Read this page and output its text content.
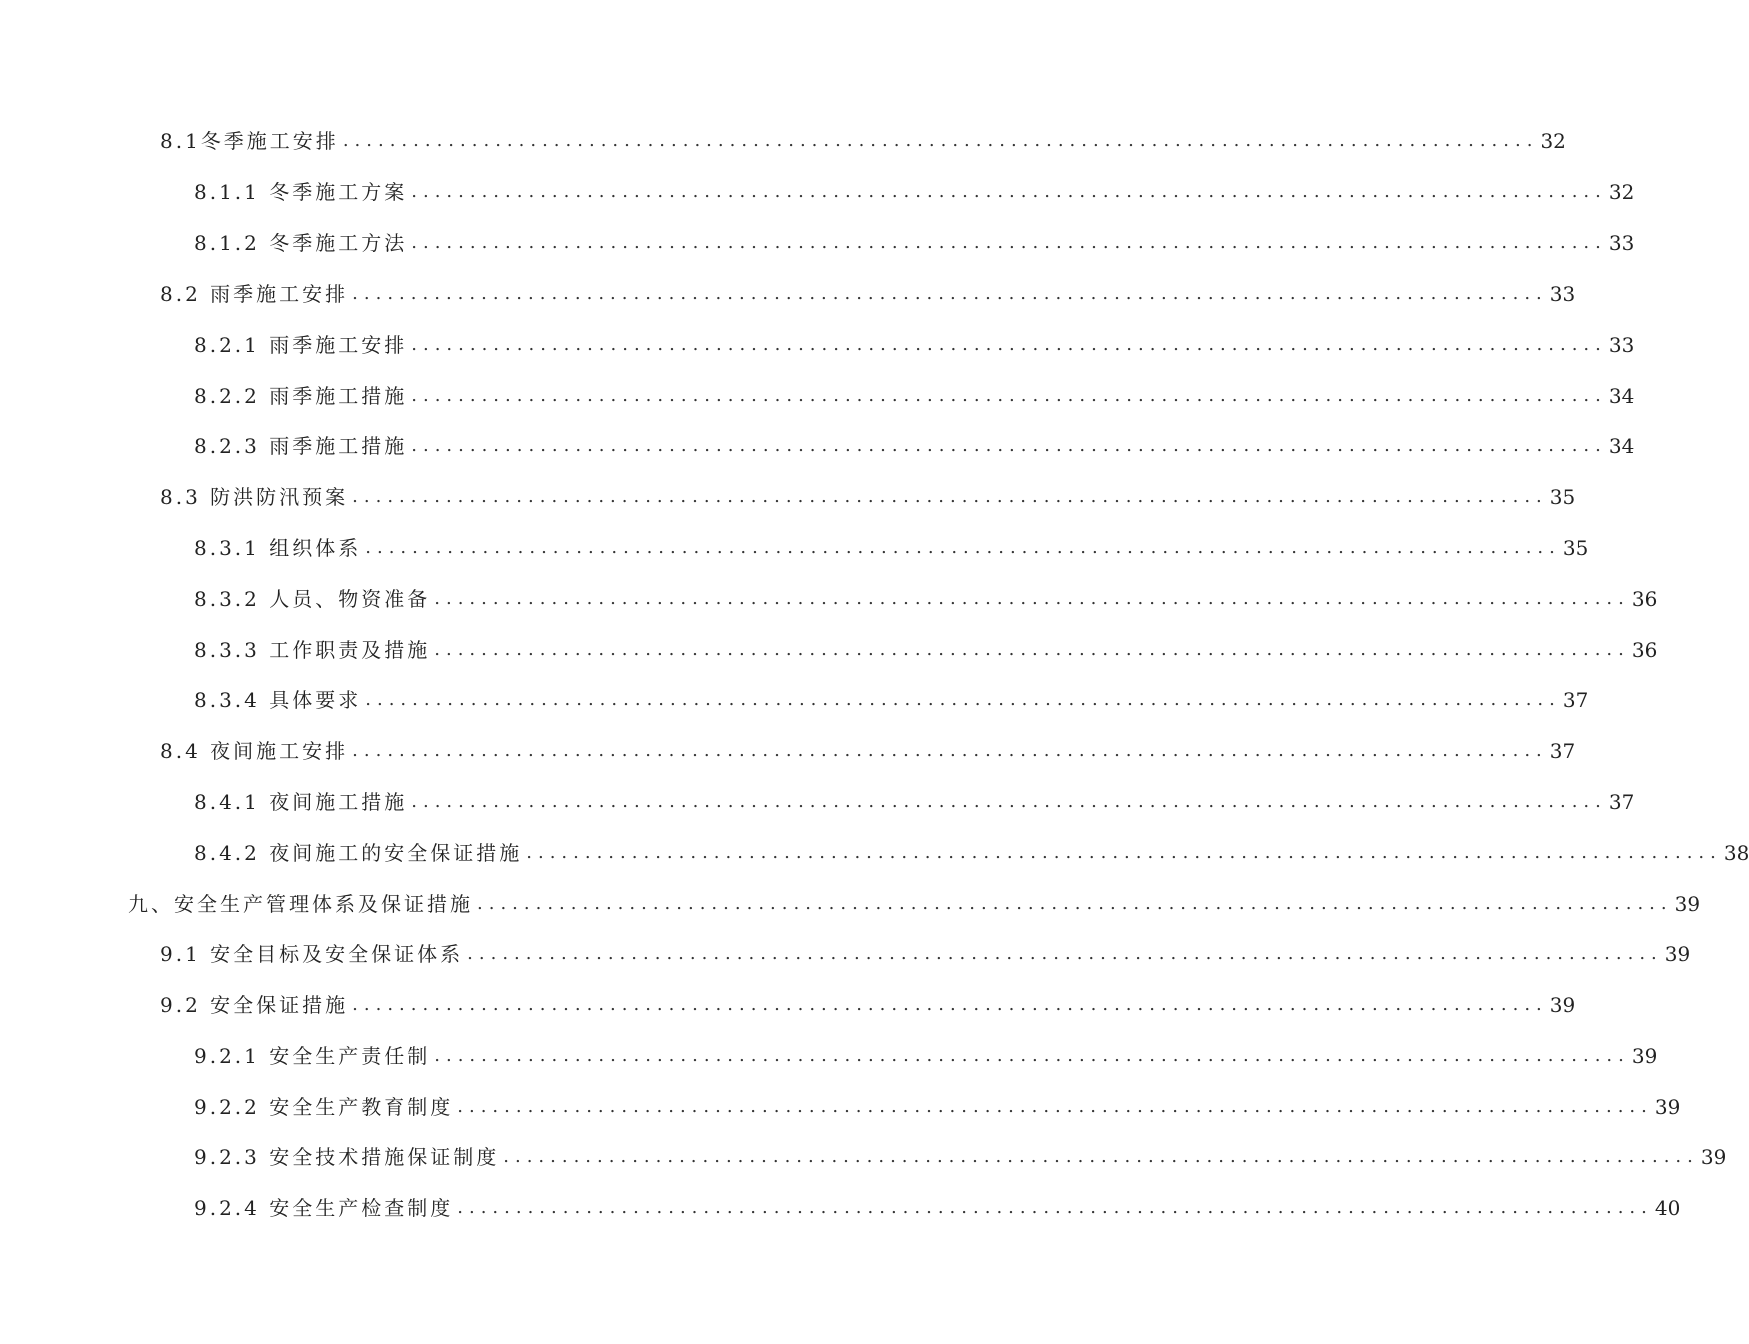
8.1冬季施工安排 ...................................................................................................... 32
8.1.1 冬季施工方案 ...................................................................................................... 32
8.1.2 冬季施工方法 ...................................................................................................... 33
8.2 雨季施工安排 ...................................................................................................... 33
8.2.1 雨季施工安排 ...................................................................................................... 33
8.2.2 雨季施工措施 ...................................................................................................... 34
8.2.3 雨季施工措施 ...................................................................................................... 34
8.3 防洪防汛预案 ...................................................................................................... 35
8.3.1 组织体系 ...................................................................................................... 35
8.3.2 人员、物资准备 ...................................................................................................... 36
8.3.3 工作职责及措施 ...................................................................................................... 36
8.3.4 具体要求 ...................................................................................................... 37
8.4 夜间施工安排 ...................................................................................................... 37
8.4.1 夜间施工措施 ...................................................................................................... 37
8.4.2 夜间施工的安全保证措施 ...................................................................................................... 38
九、安全生产管理体系及保证措施 ...................................................................................................... 39
9.1 安全目标及安全保证体系 ...................................................................................................... 39
9.2 安全保证措施 ...................................................................................................... 39
9.2.1 安全生产责任制 ...................................................................................................... 39
9.2.2 安全生产教育制度 ...................................................................................................... 39
9.2.3 安全技术措施保证制度 ...................................................................................................... 39
9.2.4 安全生产检查制度 ...................................................................................................... 40
